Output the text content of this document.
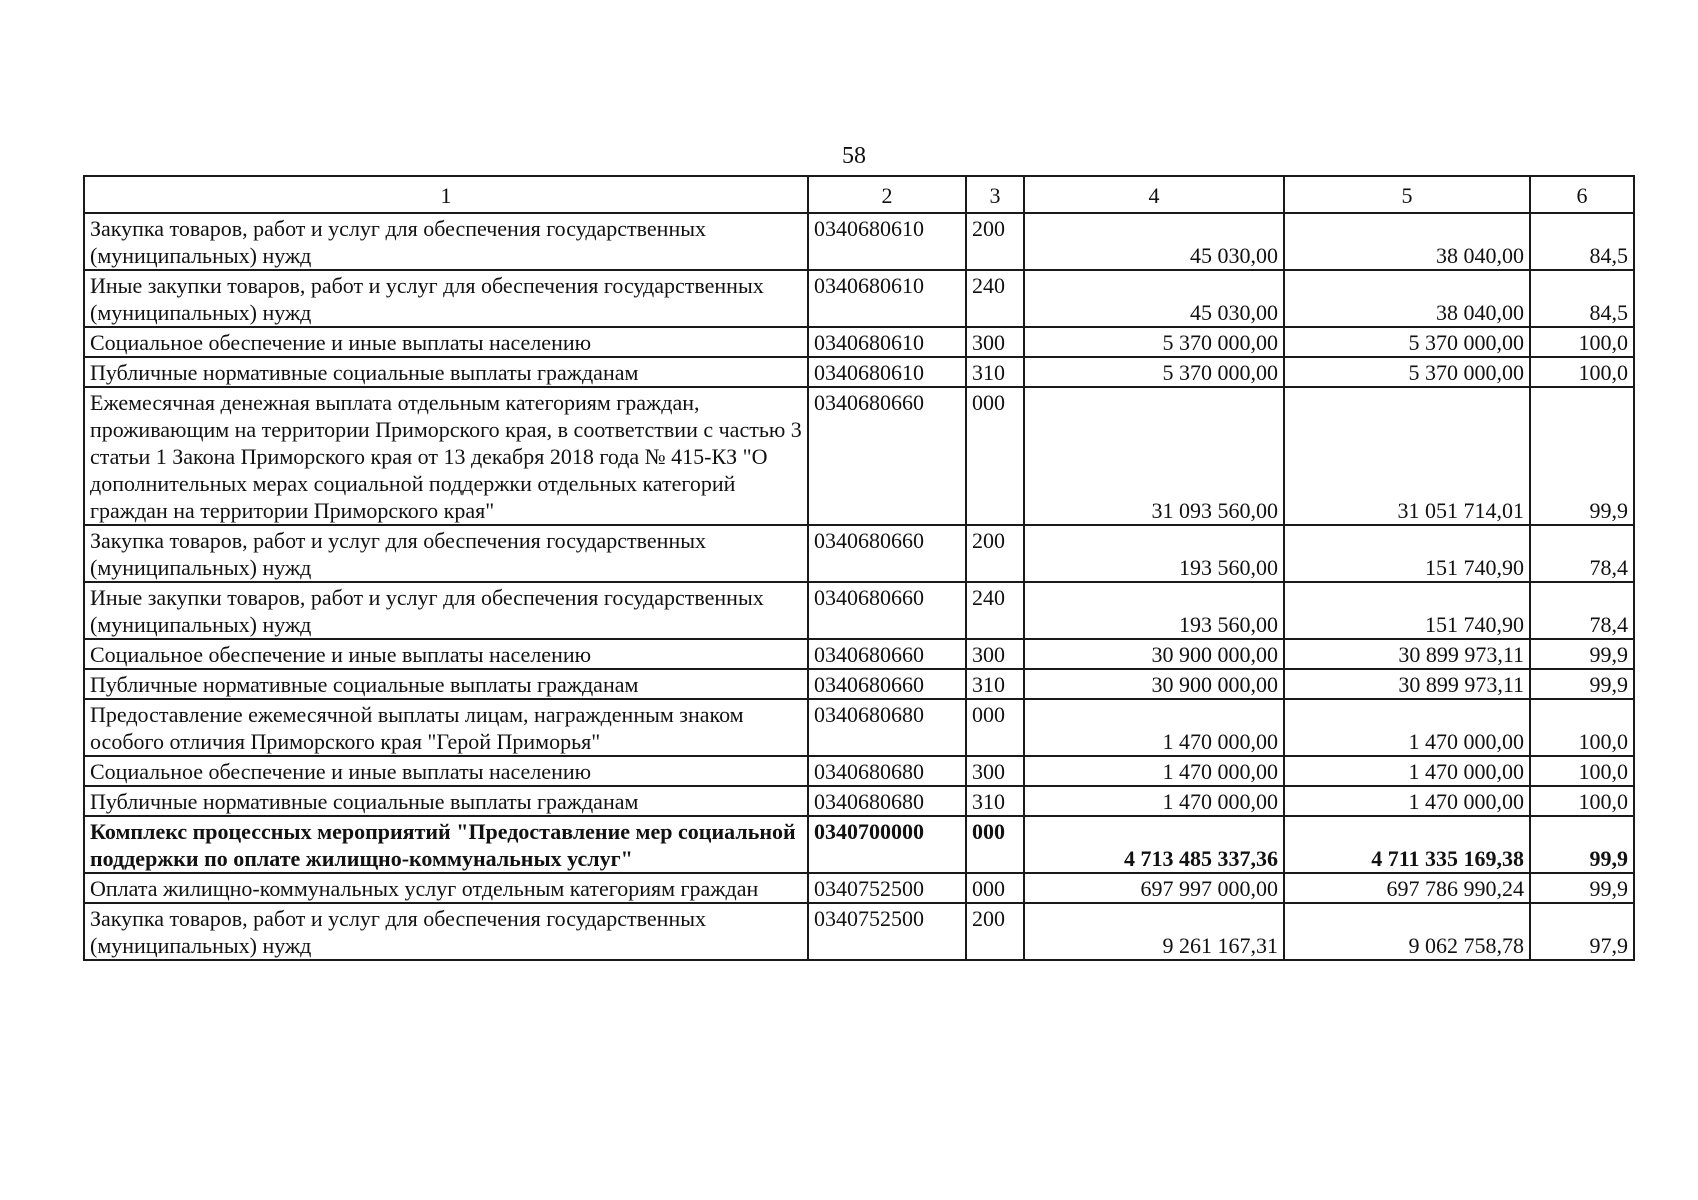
58
1	2	3	4	5	6
Закупка товаров, работ и услуг для обеспечения государственных (муниципальных) нужд	0340680610	200	45 030,00	38 040,00	84,5
Иные закупки товаров, работ и услуг для обеспечения государственных (муниципальных) нужд	0340680610	240	45 030,00	38 040,00	84,5
Социальное обеспечение и иные выплаты населению	0340680610	300	5 370 000,00	5 370 000,00	100,0
Публичные нормативные социальные выплаты гражданам	0340680610	310	5 370 000,00	5 370 000,00	100,0
Ежемесячная денежная выплата отдельным категориям граждан, проживающим на территории Приморского края, в соответствии с частью 3 статьи 1 Закона Приморского края от 13 декабря 2018 года № 415-КЗ "О дополнительных мерах социальной поддержки отдельных категорий граждан на территории Приморского края"	0340680660	000	31 093 560,00	31 051 714,01	99,9
Закупка товаров, работ и услуг для обеспечения государственных (муниципальных) нужд	0340680660	200	193 560,00	151 740,90	78,4
Иные закупки товаров, работ и услуг для обеспечения государственных (муниципальных) нужд	0340680660	240	193 560,00	151 740,90	78,4
Социальное обеспечение и иные выплаты населению	0340680660	300	30 900 000,00	30 899 973,11	99,9
Публичные нормативные социальные выплаты гражданам	0340680660	310	30 900 000,00	30 899 973,11	99,9
Предоставление ежемесячной выплаты лицам, награжденным знаком особого отличия Приморского края "Герой Приморья"	0340680680	000	1 470 000,00	1 470 000,00	100,0
Социальное обеспечение и иные выплаты населению	0340680680	300	1 470 000,00	1 470 000,00	100,0
Публичные нормативные социальные выплаты гражданам	0340680680	310	1 470 000,00	1 470 000,00	100,0
Комплекс процессных мероприятий "Предоставление мер социальной поддержки по оплате жилищно-коммунальных услуг"	0340700000	000	4 713 485 337,36	4 711 335 169,38	99,9
Оплата жилищно-коммунальных услуг отдельным категориям граждан	0340752500	000	697 997 000,00	697 786 990,24	99,9
Закупка товаров, работ и услуг для обеспечения государственных (муниципальных) нужд	0340752500	200	9 261 167,31	9 062 758,78	97,9
